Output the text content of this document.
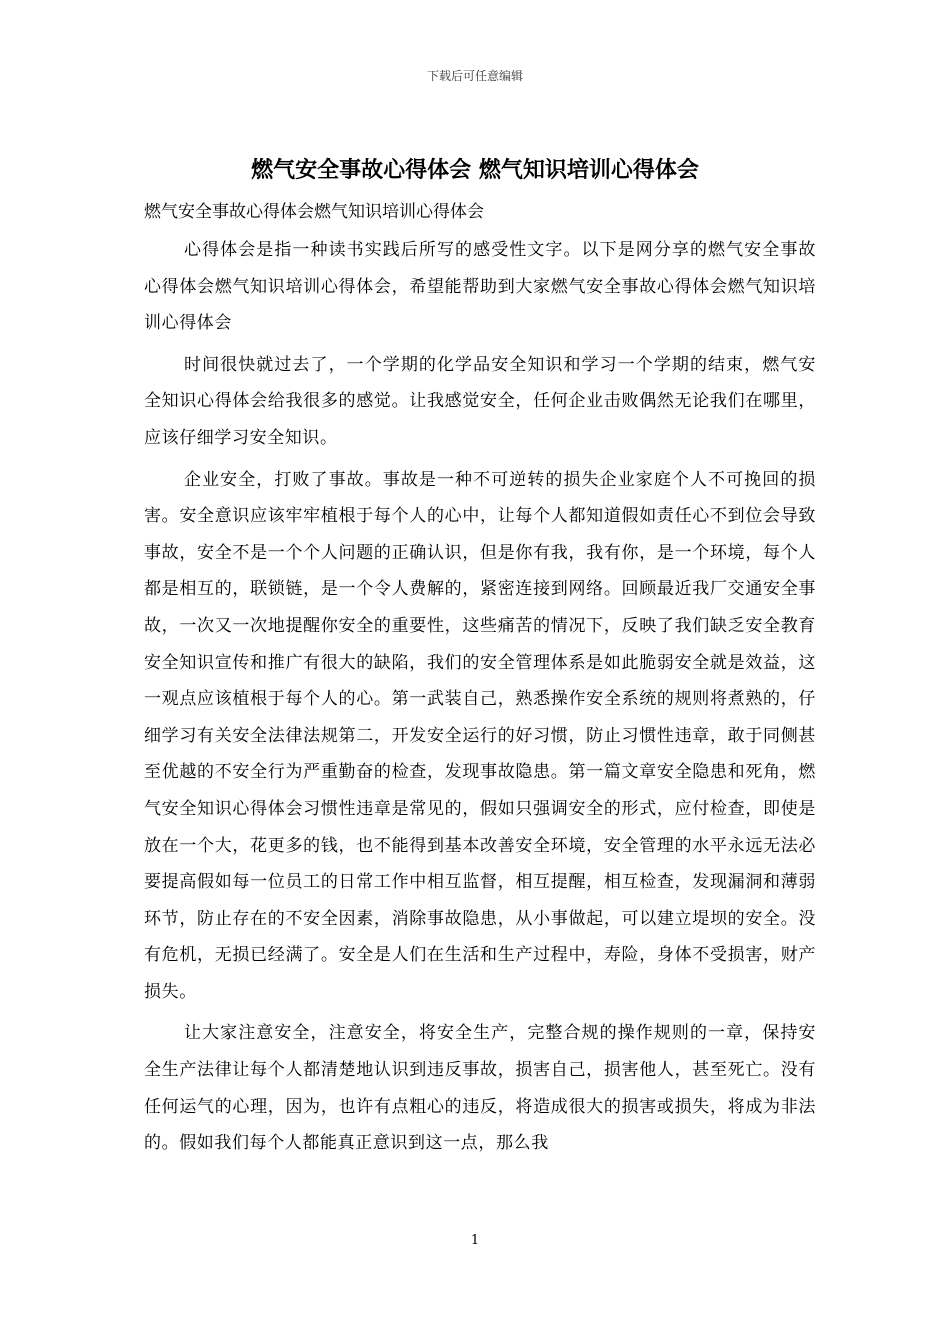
下载后可任意编辑
燃气安全事故心得体会 燃气知识培训心得体会

燃气安全事故心得体会燃气知识培训心得体会

心得体会是指一种读书实践后所写的感受性文字。以下是网分享的燃气安全事故心得体会燃气知识培训心得体会，希望能帮助到大家燃气安全事故心得体会燃气知识培训心得体会

时间很快就过去了，一个学期的化学品安全知识和学习一个学期的结束，燃气安全知识心得体会给我很多的感觉。让我感觉安全，任何企业击败偶然无论我们在哪里，应该仔细学习安全知识。

企业安全，打败了事故。事故是一种不可逆转的损失企业家庭个人不可挽回的损害。安全意识应该牢牢植根于每个人的心中，让每个人都知道假如责任心不到位会导致事故，安全不是一个个人问题的正确认识，但是你有我，我有你，是一个环境，每个人都是相互的，联锁链，是一个令人费解的，紧密连接到网络。回顾最近我厂交通安全事故，一次又一次地提醒你安全的重要性，这些痛苦的情况下，反映了我们缺乏安全教育安全知识宣传和推广有很大的缺陷，我们的安全管理体系是如此脆弱安全就是效益，这一观点应该植根于每个人的心。第一武装自己，熟悉操作安全系统的规则将煮熟的，仔细学习有关安全法律法规第二，开发安全运行的好习惯，防止习惯性违章，敢于同侧甚至优越的不安全行为严重勤奋的检查，发现事故隐患。第一篇文章安全隐患和死角，燃气安全知识心得体会习惯性违章是常见的，假如只强调安全的形式，应付检查，即使是放在一个大，花更多的钱，也不能得到基本改善安全环境，安全管理的水平永远无法必要提高假如每一位员工的日常工作中相互监督，相互提醒，相互检查，发现漏洞和薄弱环节，防止存在的不安全因素，消除事故隐患，从小事做起，可以建立堤坝的安全。没有危机，无损已经满了。安全是人们在生活和生产过程中，寿险，身体不受损害，财产损失。

让大家注意安全，注意安全，将安全生产，完整合规的操作规则的一章，保持安全生产法律让每个人都清楚地认识到违反事故，损害自己，损害他人，甚至死亡。没有任何运气的心理，因为，也许有点粗心的违反，将造成很大的损害或损失，将成为非法的。假如我们每个人都能真正意识到这一点，那么我

1
